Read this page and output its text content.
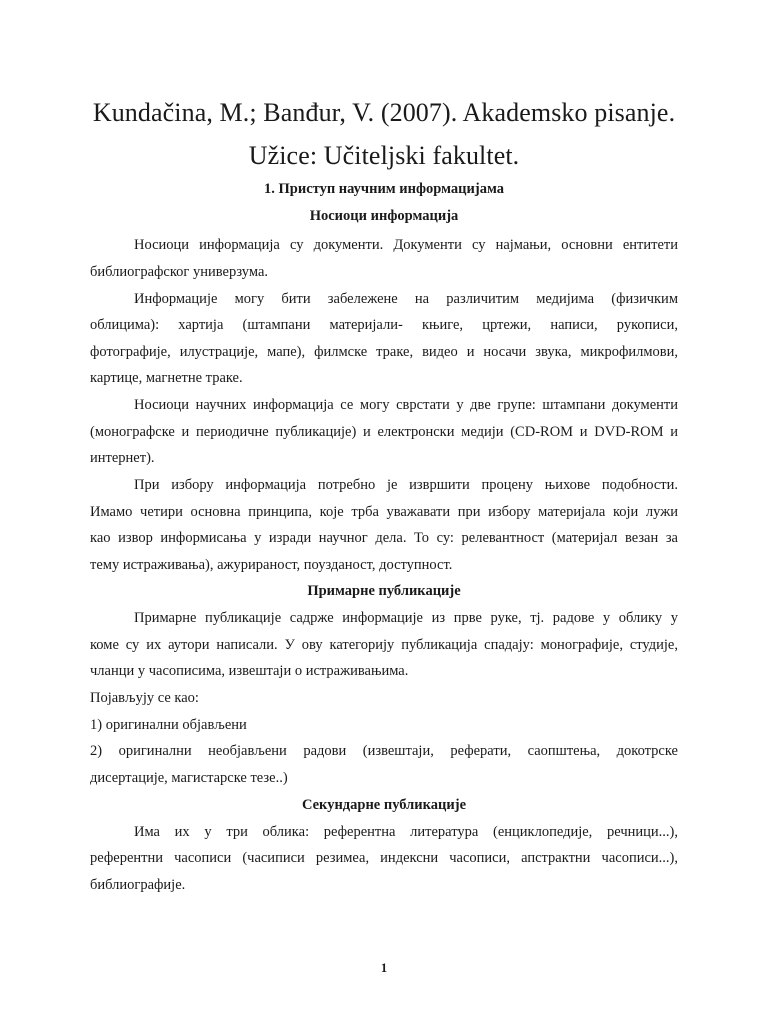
Kundačina, M.; Banđur, V. (2007). Akademsko pisanje.
Užice: Učiteljski fakultet.
1. Приступ научним информацијама
Носиоци информација
Носиоци информација су документи. Документи су најмањи, основни ентитети
библиографског универзума.
Информације могу бити забележене на различитим медијима (физичким
облицима): хартија (штампани материјали- књиге, цртежи, написи, рукописи,
фотографије, илустрације, мапе), филмске траке, видео и носачи звука, микрофилмови,
картице, магнетне траке.
Носиоци научних информација се могу сврстати у две групе: штампани документи
(монографске и периодичне публикације) и електронски медији (CD-ROM и DVD-ROM и
интернет).
При избору информација потребно је извршити процену њихове подобности.
Имамо четири основна принципа, које трба уважавати при избору материјала који лужи
као извор информисања у изради научног дела. То су: релевантност (материјал везан за
тему истраживања), ажурираност, поузданост, доступност.
Примарне публикације
Примарне публикације садрже информације из прве руке, тј. радове у облику у
коме су их аутори написали. У ову категорију публикација спадају: монографије, студије,
чланци у часописима, извештаји о истраживањима.
Појављују се као:
1) оригинални објављени
2) оригинални необјављени радови (извештаји, реферати, саопштења, докотрске
дисертације, магистарске тезе..)
Секундарне публикације
Има их у три облика: референтна литература (енциклопедије, речници...),
референтни часописи (часиписи резимеа, индексни часописи, апстрактни часописи...),
библиографије.
1
